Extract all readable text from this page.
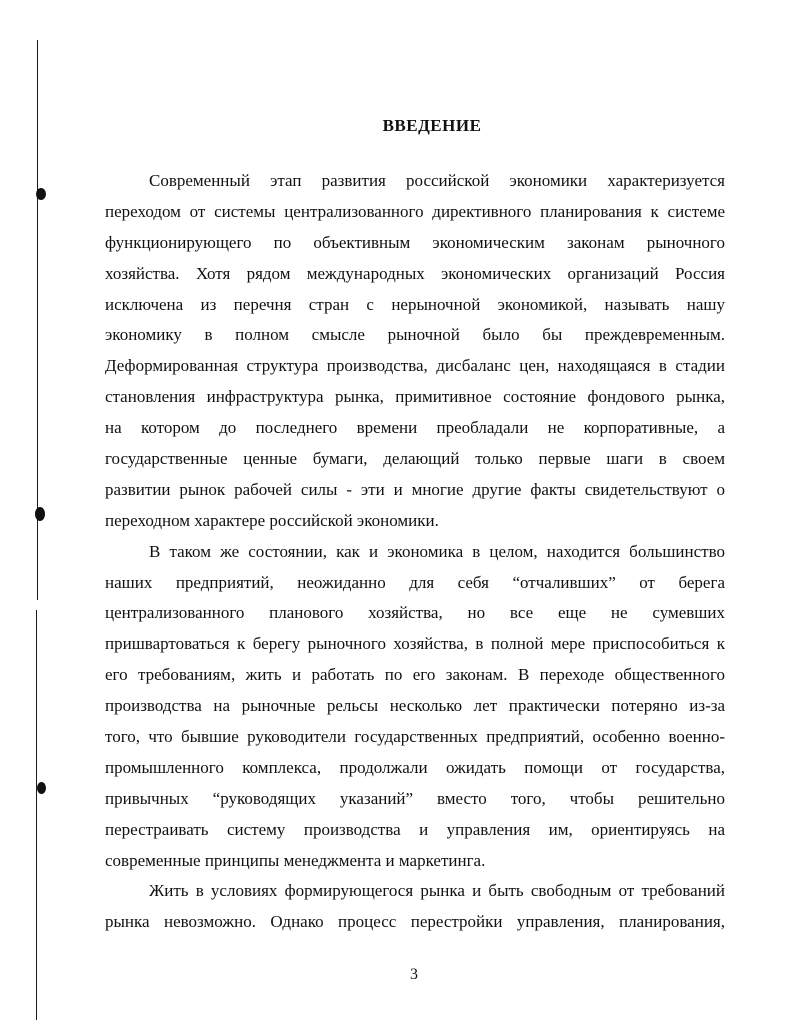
ВВЕДЕНИЕ
Современный этап развития российской экономики характеризуется
переходом от системы централизованного директивного планирования к системе
функционирующего по объективным экономическим законам рыночного
хозяйства. Хотя рядом международных экономических организаций Россия
исключена из перечня стран с нерыночной экономикой, называть нашу
экономику в полном смысле рыночной было бы преждевременным.
Деформированная структура производства, дисбаланс цен, находящаяся в стадии
становления инфраструктура рынка, примитивное состояние фондового рынка,
на котором до последнего времени преобладали не корпоративные, а
государственные ценные бумаги, делающий только первые шаги в своем
развитии рынок рабочей силы - эти и многие другие факты свидетельствуют о
переходном характере российской экономики.
В таком же состоянии, как и экономика в целом, находится большинство
наших предприятий, неожиданно для себя “отчаливших” от берега
централизованного планового хозяйства, но все еще не сумевших
пришвартоваться к берегу рыночного хозяйства, в полной мере приспособиться к
его требованиям, жить и работать по его законам. В переходе общественного
производства на рыночные рельсы несколько лет практически потеряно из-за
того, что бывшие руководители государственных предприятий, особенно военно-
промышленного комплекса, продолжали ожидать помощи от государства,
привычных “руководящих указаний” вместо того, чтобы решительно
перестраивать систему производства и управления им, ориентируясь на
современные принципы менеджмента и маркетинга.
Жить в условиях формирующегося рынка и быть свободным от требований
рынка невозможно. Однако процесс перестройки управления, планирования,
3
